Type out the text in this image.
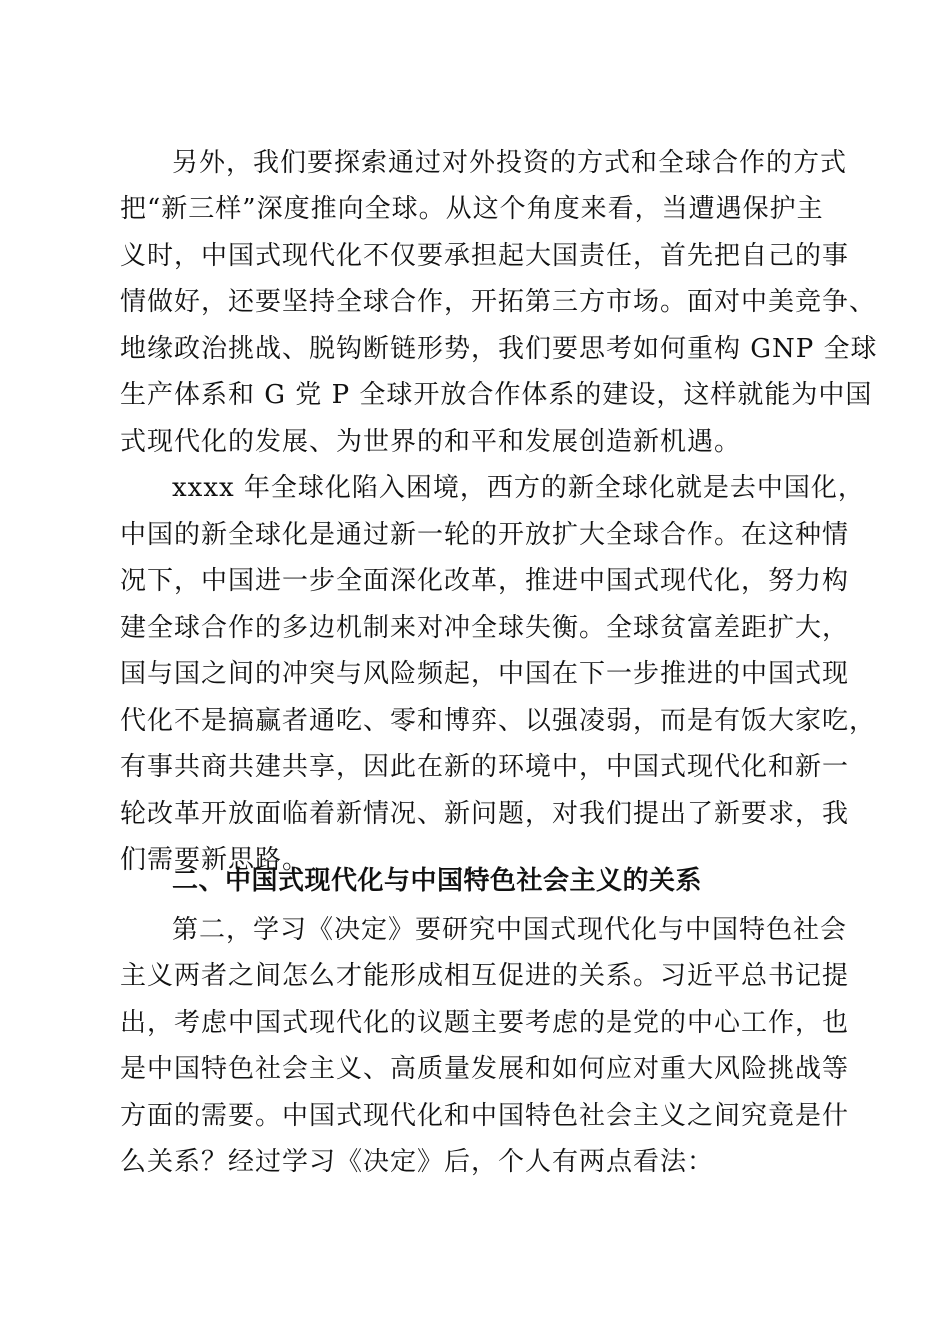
另外，我们要探索通过对外投资的方式和全球合作的方式
把“新三样”深度推向全球。从这个角度来看，当遭遇保护主
义时，中国式现代化不仅要承担起大国责任，首先把自己的事
情做好，还要坚持全球合作，开拓第三方市场。面对中美竞争、
地缘政治挑战、脱钩断链形势，我们要思考如何重构 GNP 全球
生产体系和 G 党 P 全球开放合作体系的建设，这样就能为中国
式现代化的发展、为世界的和平和发展创造新机遇。
xxxx 年全球化陷入困境，西方的新全球化就是去中国化，
中国的新全球化是通过新一轮的开放扩大全球合作。在这种情
况下，中国进一步全面深化改革，推进中国式现代化，努力构
建全球合作的多边机制来对冲全球失衡。全球贫富差距扩大，
国与国之间的冲突与风险频起，中国在下一步推进的中国式现
代化不是搞赢者通吃、零和博弈、以强凌弱，而是有饭大家吃，
有事共商共建共享，因此在新的环境中，中国式现代化和新一
轮改革开放面临着新情况、新问题，对我们提出了新要求，我
们需要新思路。
二、中国式现代化与中国特色社会主义的关系
第二，学习《决定》要研究中国式现代化与中国特色社会
主义两者之间怎么才能形成相互促进的关系。习近平总书记提
出，考虑中国式现代化的议题主要考虑的是党的中心工作，也
是中国特色社会主义、高质量发展和如何应对重大风险挑战等
方面的需要。中国式现代化和中国特色社会主义之间究竟是什
么关系？经过学习《决定》后，个人有两点看法：
